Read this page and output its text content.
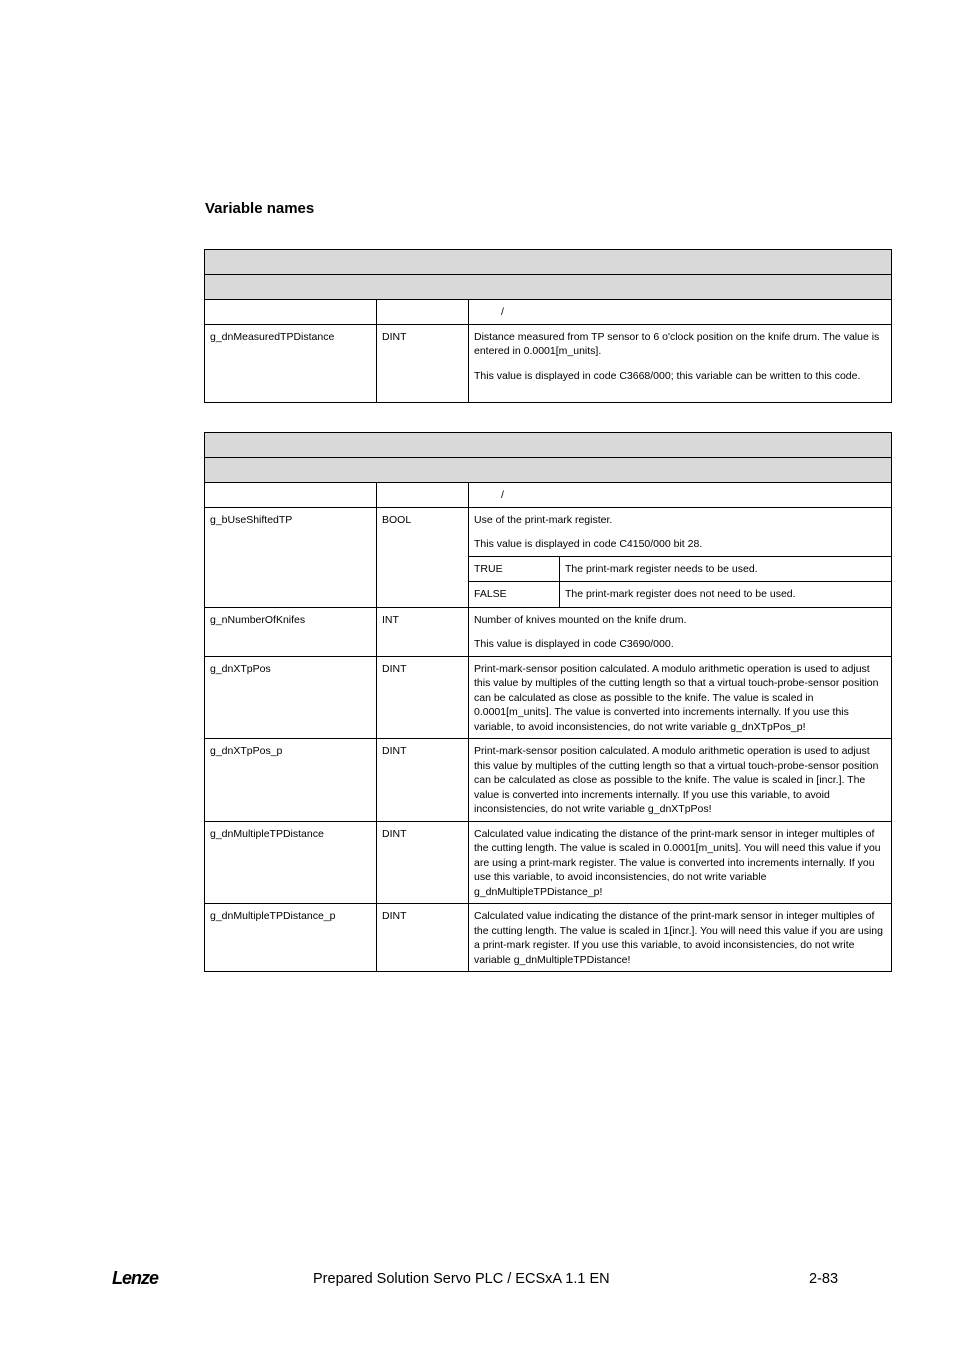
Variable names

		/
g_dnMeasuredTPDistance	DINT	Distance measured from TP sensor to 6 o'clock position on the knife drum. The value is entered in 0.0001[m_units].

This value is displayed in code C3668/000; this variable can be written to this code.

		/
g_bUseShiftedTP	BOOL	Use of the print-mark register.

This value is displayed in code C4150/000 bit 28.

TRUE	The print-mark register needs to be used.
FALSE	The print-mark register does not need to be used.

g_nNumberOfKnifes	INT	Number of knives mounted on the knife drum.

This value is displayed in code C3690/000.

g_dnXTpPos	DINT	Print-mark-sensor position calculated. A modulo arithmetic operation is used to adjust this value by multiples of the cutting length so that a virtual touch-probe-sensor position can be calculated as close as possible to the knife. The value is scaled in 0.0001[m_units]. The value is converted into increments internally. If you use this variable, to avoid inconsistencies, do not write variable g_dnXTpPos_p!

g_dnXTpPos_p	DINT	Print-mark-sensor position calculated. A modulo arithmetic operation is used to adjust this value by multiples of the cutting length so that a virtual touch-probe-sensor position can be calculated as close as possible to the knife. The value is scaled in [incr.]. The value is converted into increments internally. If you use this variable, to avoid inconsistencies, do not write variable g_dnXTpPos!

g_dnMultipleTPDistance	DINT	Calculated value indicating the distance of the print-mark sensor in integer multiples of the cutting length. The value is scaled in 0.0001[m_units]. You will need this value if you are using a print-mark register. The value is converted into increments internally. If you use this variable, to avoid inconsistencies, do not write variable g_dnMultipleTPDistance_p!

g_dnMultipleTPDistance_p	DINT	Calculated value indicating the distance of the print-mark sensor in integer multiples of the cutting length. The value is scaled in 1[incr.]. You will need this value if you are using a print-mark register. If you use this variable, to avoid inconsistencies, do not write variable g_dnMultipleTPDistance!

Lenze	Prepared Solution Servo PLC / ECSxA 1.1 EN	2-83
